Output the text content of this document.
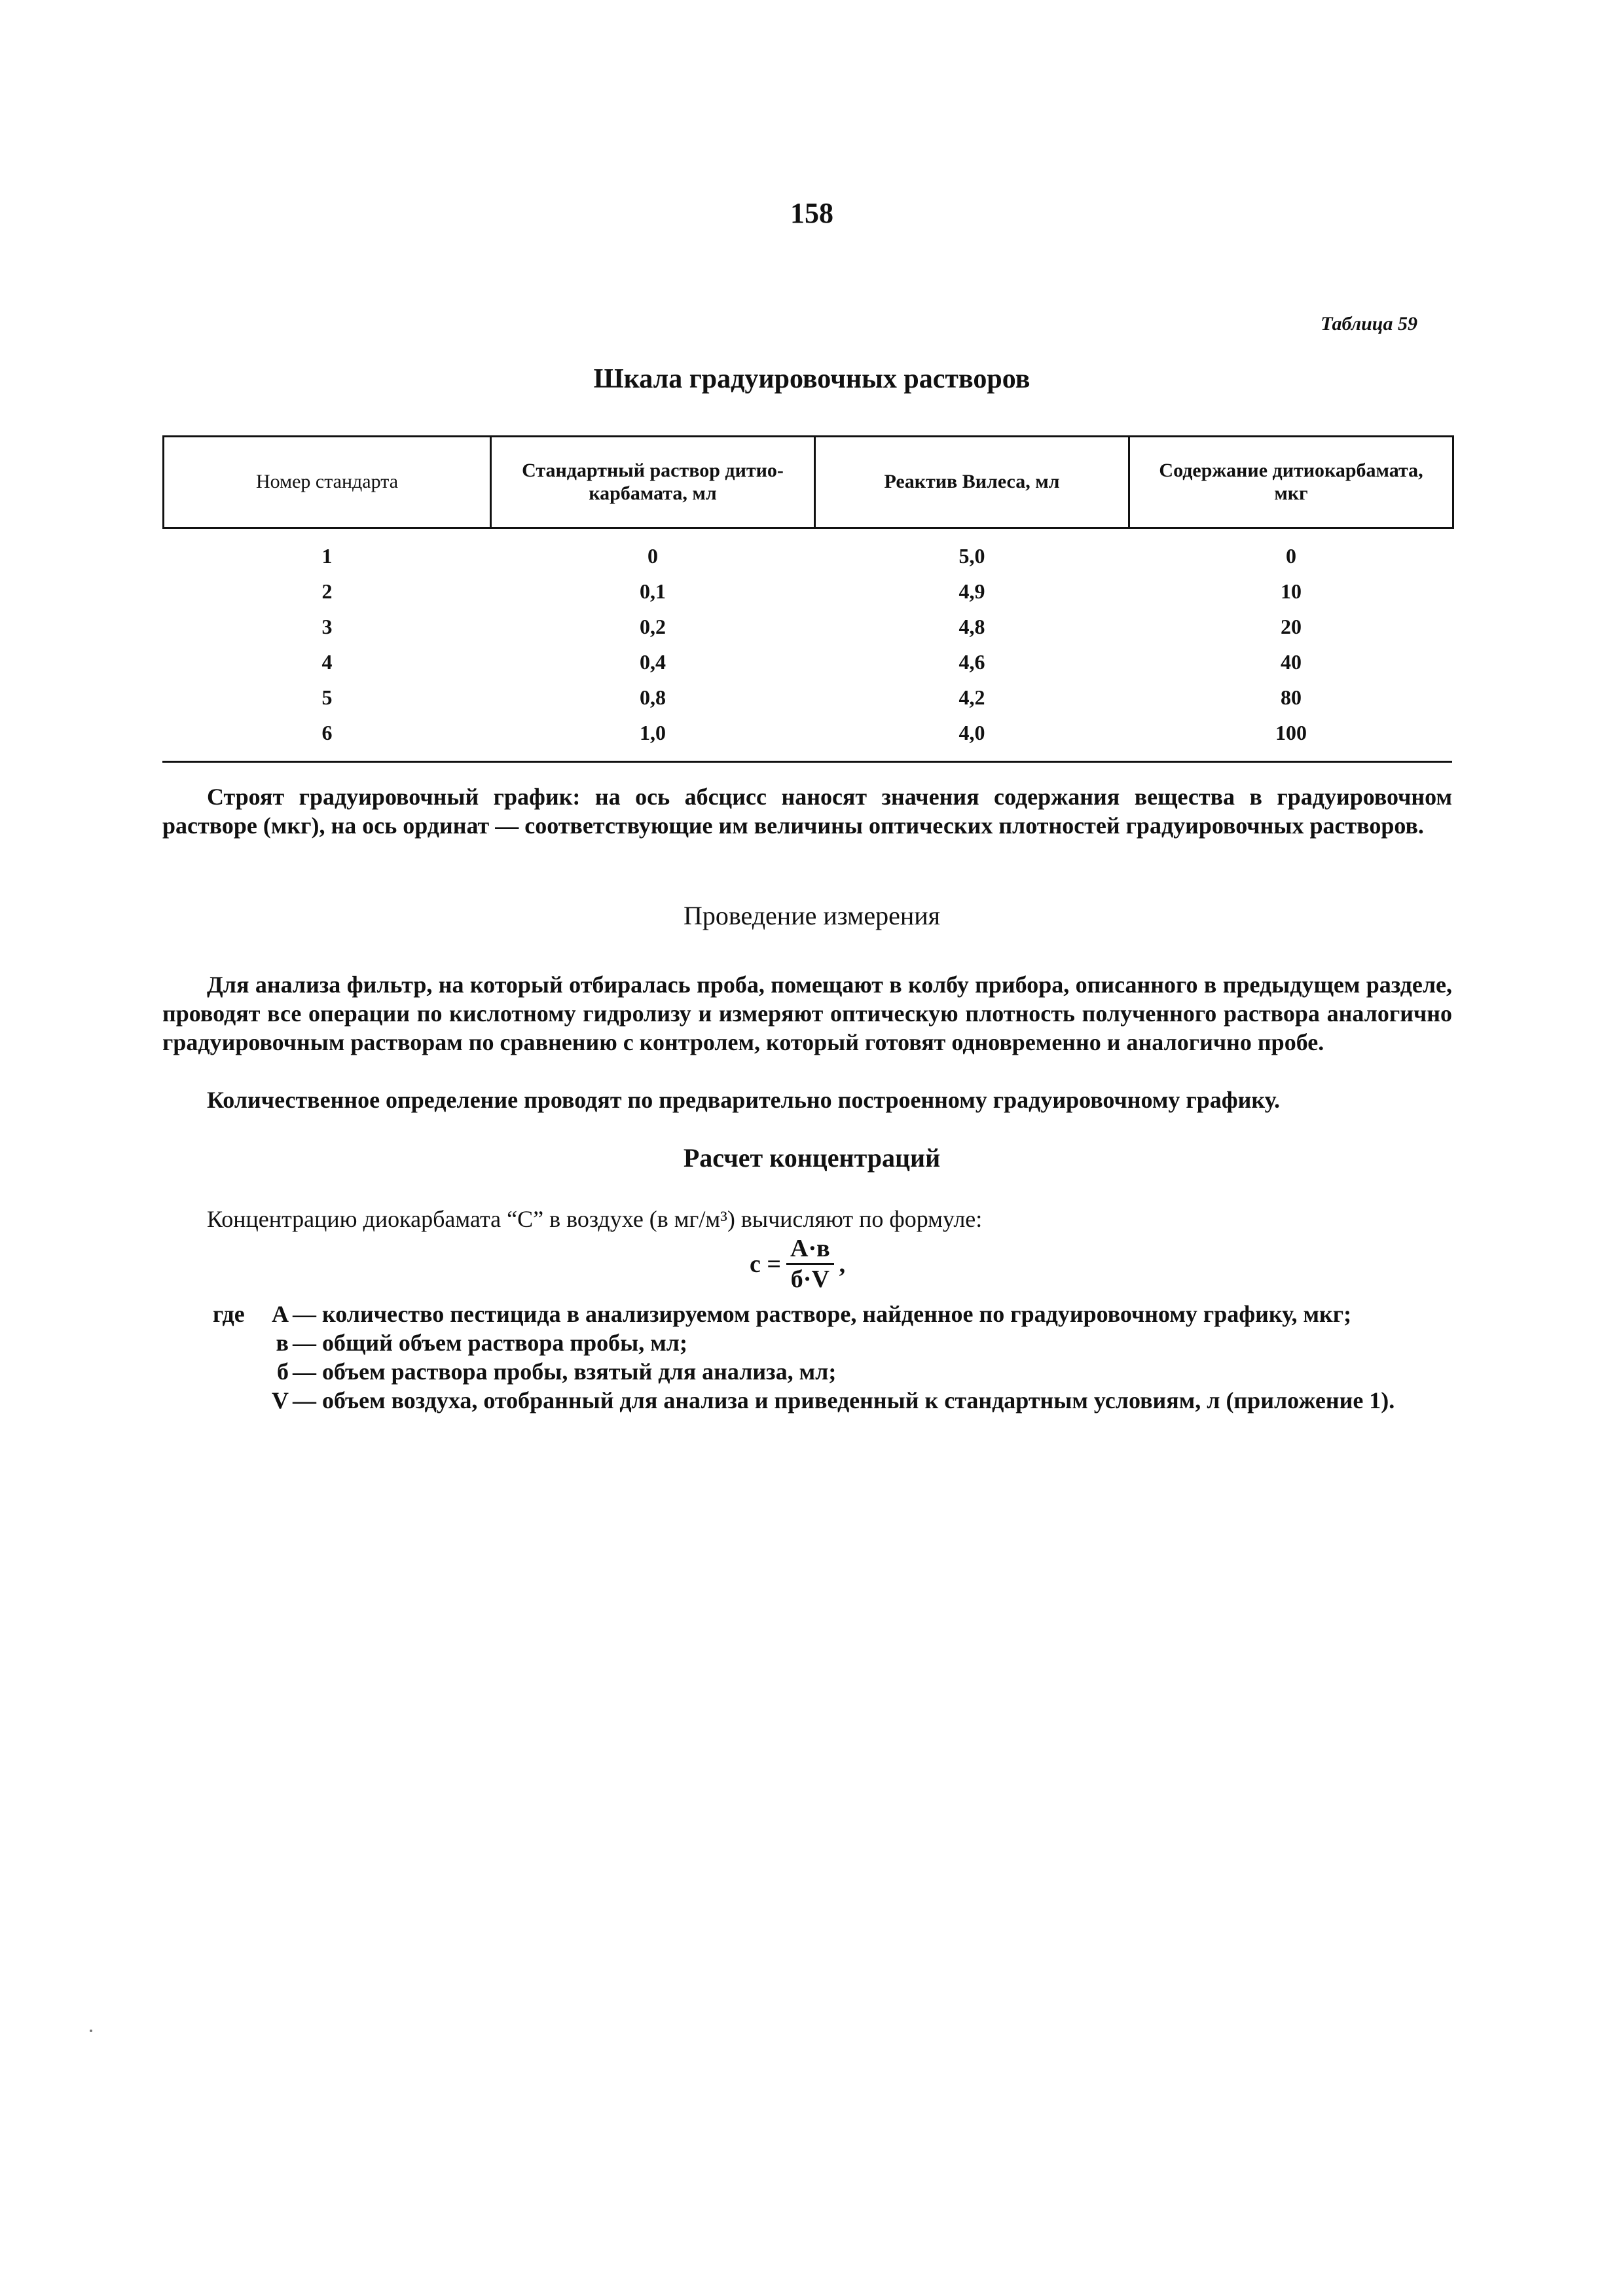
158
Таблица 59
Шкала градуировочных растворов
Номер стандарта	Стандартный раствор дитио-карбамата, мл	Реактив Вилеса, мл	Содержание дитиокарбамата, мкг
1	0	5,0	0
2	0,1	4,9	10
3	0,2	4,8	20
4	0,4	4,6	40
5	0,8	4,2	80
6	1,0	4,0	100

Строят градуировочный график: на ось абсцисс наносят значения содержания вещества в градуировочном растворе (мкг), на ось ординат — соответствующие им величины оптических плотностей градуировочных растворов.

Проведение измерения

Для анализа фильтр, на который отбиралась проба, помещают в колбу прибора, описанного в предыдущем разделе, проводят все операции по кислотному гидролизу и измеряют оптическую плотность полученного раствора аналогично градуировочным растворам по сравнению с контролем, который готовят одновременно и аналогично пробе.

Количественное определение проводят по предварительно построенному градуировочному графику.

Расчет концентраций

Концентрацию диокарбамата “С” в воздухе (в мг/м³) вычисляют по формуле:

$с = \frac{А\cdot в}{б\cdot V}$ ,
где	А — количество пестицида в анализируемом растворе, найденное по градуировочному графику, мкг;
в — общий объем раствора пробы, мл;
б — объем раствора пробы, взятый для анализа, мл;
V — объем воздуха, отобранный для анализа и приведенный к стандартным условиям, л (приложение 1).
